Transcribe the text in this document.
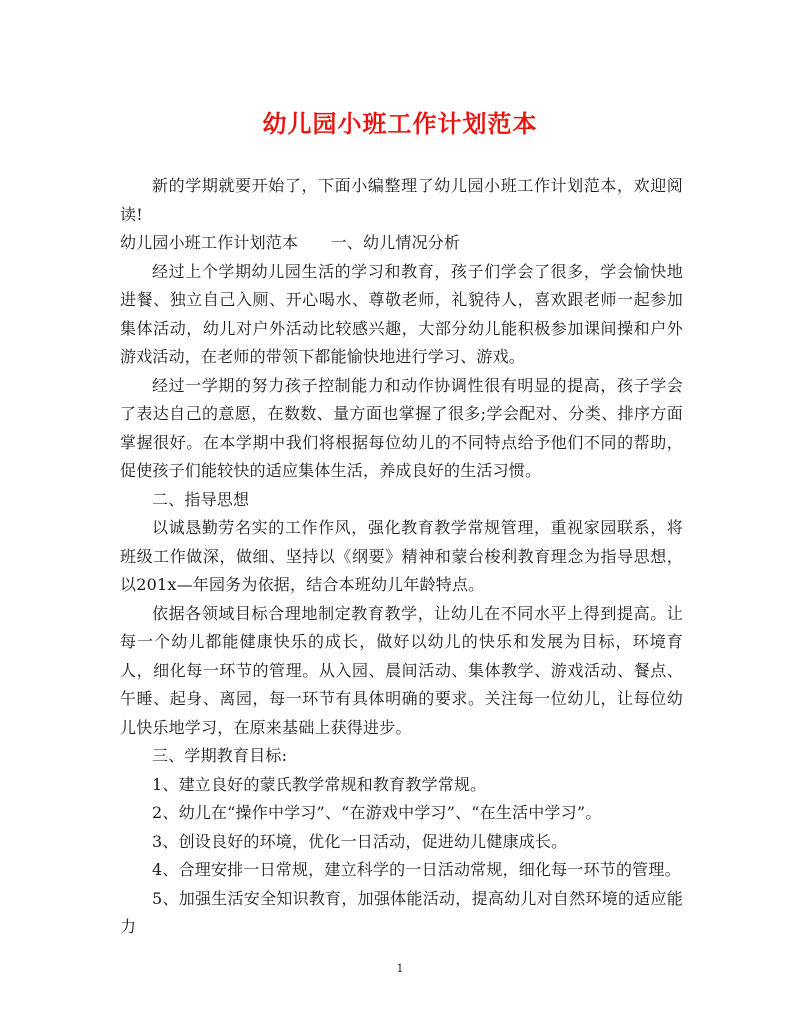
幼儿园小班工作计划范本

新的学期就要开始了，下面小编整理了幼儿园小班工作计划范本，欢迎阅读!

幼儿园小班工作计划范本　　一、幼儿情况分析

经过上个学期幼儿园生活的学习和教育，孩子们学会了很多，学会愉快地进餐、独立自己入厕、开心喝水、尊敬老师，礼貌待人，喜欢跟老师一起参加集体活动，幼儿对户外活动比较感兴趣，大部分幼儿能积极参加课间操和户外游戏活动，在老师的带领下都能愉快地进行学习、游戏。

经过一学期的努力孩子控制能力和动作协调性很有明显的提高，孩子学会了表达自己的意愿，在数数、量方面也掌握了很多;学会配对、分类、排序方面掌握很好。在本学期中我们将根据每位幼儿的不同特点给予他们不同的帮助，促使孩子们能较快的适应集体生活，养成良好的生活习惯。

二、指导思想

以诚恳勤劳名实的工作作风，强化教育教学常规管理，重视家园联系，将班级工作做深，做细、坚持以《纲要》精神和蒙台梭利教育理念为指导思想，以201x—年园务为依据，结合本班幼儿年龄特点。

依据各领域目标合理地制定教育教学，让幼儿在不同水平上得到提高。让每一个幼儿都能健康快乐的成长，做好以幼儿的快乐和发展为目标，环境育人，细化每一环节的管理。从入园、晨间活动、集体教学、游戏活动、餐点、午睡、起身、离园，每一环节有具体明确的要求。关注每一位幼儿，让每位幼儿快乐地学习，在原来基础上获得进步。

三、学期教育目标:

1、建立良好的蒙氏教学常规和教育教学常规。

2、幼儿在“操作中学习”、“在游戏中学习”、“在生活中学习”。

3、创设良好的环境，优化一日活动，促进幼儿健康成长。

4、合理安排一日常规，建立科学的一日活动常规，细化每一环节的管理。

5、加强生活安全知识教育，加强体能活动，提高幼儿对自然环境的适应能力

1
